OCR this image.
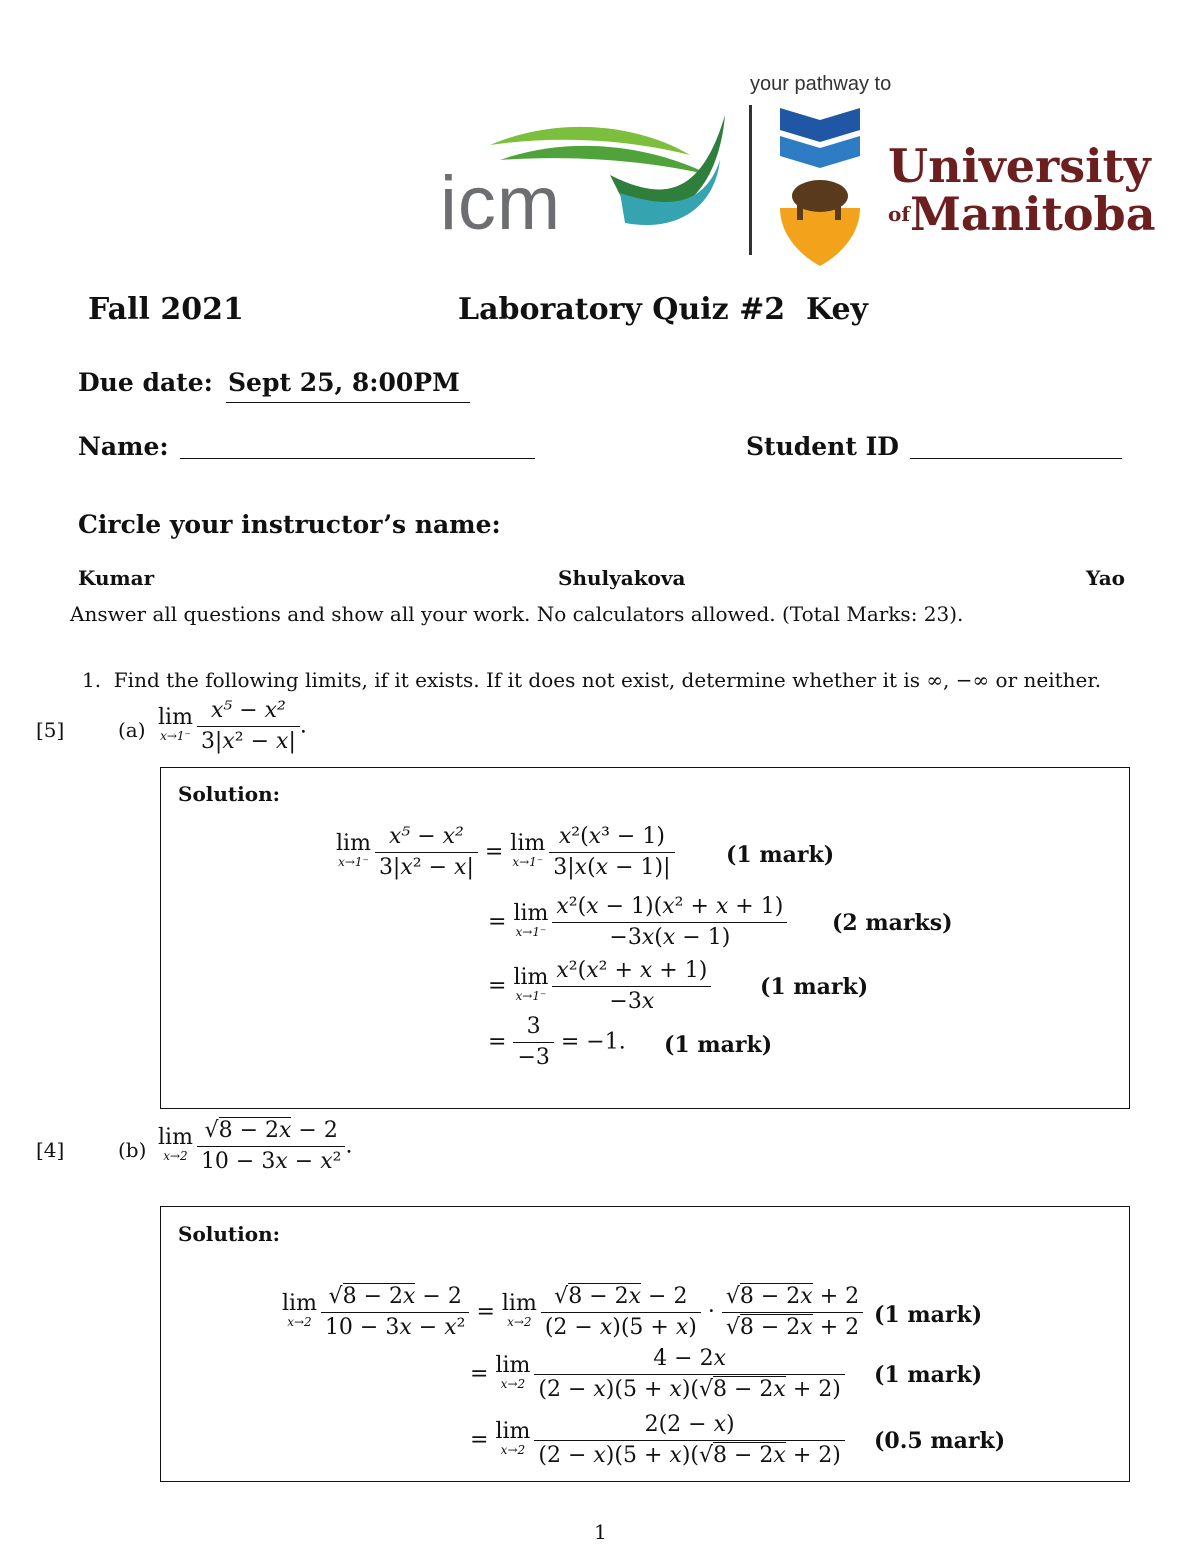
icm
your pathway to
University
$^{of}$Manitoba
Fall 2021	Laboratory Quiz #2  Key
Due date: Sept 25, 8:00PM
Name:	Student ID
Circle your instructor’s name:
Kumar	Shulyakova	Yao
Answer all questions and show all your work. No calculators allowed. (Total Marks: 23).
1.  Find the following limits, if it exists. If it does not exist, determine whether it is ∞, −∞ or neither.
[5]	(a)
lim
$x\to 1^- \frac{\text{x⁵ − x²}}{\text{3|x² − x|}}$ .
Solution:
lim
$x\to 1^- \frac{\text{x⁵ − x²}}{\text{3|x² − x|}} = \lim$
$x\to 1^- \frac{\text{x²(x³ − 1)}}{3|x(x - 1)|} (1$ mark)
= lim
$x\to 1^- \frac{\text{x²(x − 1)(x² + x + 1)}}{-3x(x - 1)} (2$ marks)
= lim
$x\to 1^- \frac{\text{x²(x² + x + 1)}}{-3x} (1$ mark)
= $\frac{3}{-3} = -1$. (1 mark)
[4]	(b)
lim
$x\to 2 \frac{√8 - 2x - 2}{\text{10 − 3x − x²}}$ .
Solution:
lim
$x\to 2 \frac{√8 - 2x - 2}{\text{10 − 3x − x²}} = \lim$
$x\to 2 \frac{√8 - 2x - 2}{(2 - x)(5 + x)} \cdot \frac{√8 - 2x + 2}{√8 - 2x + 2} (1$ mark)
= lim
$x\to 2 \frac{4 - 2x}{(2 - x)(5 + x)(√8 - 2x + 2)} (1$ mark)
= lim
$x\to 2 \frac{2(2 - x)}{(2 - x)(5 + x)(√8 - 2x + 2)} (0.5$ mark)
1
